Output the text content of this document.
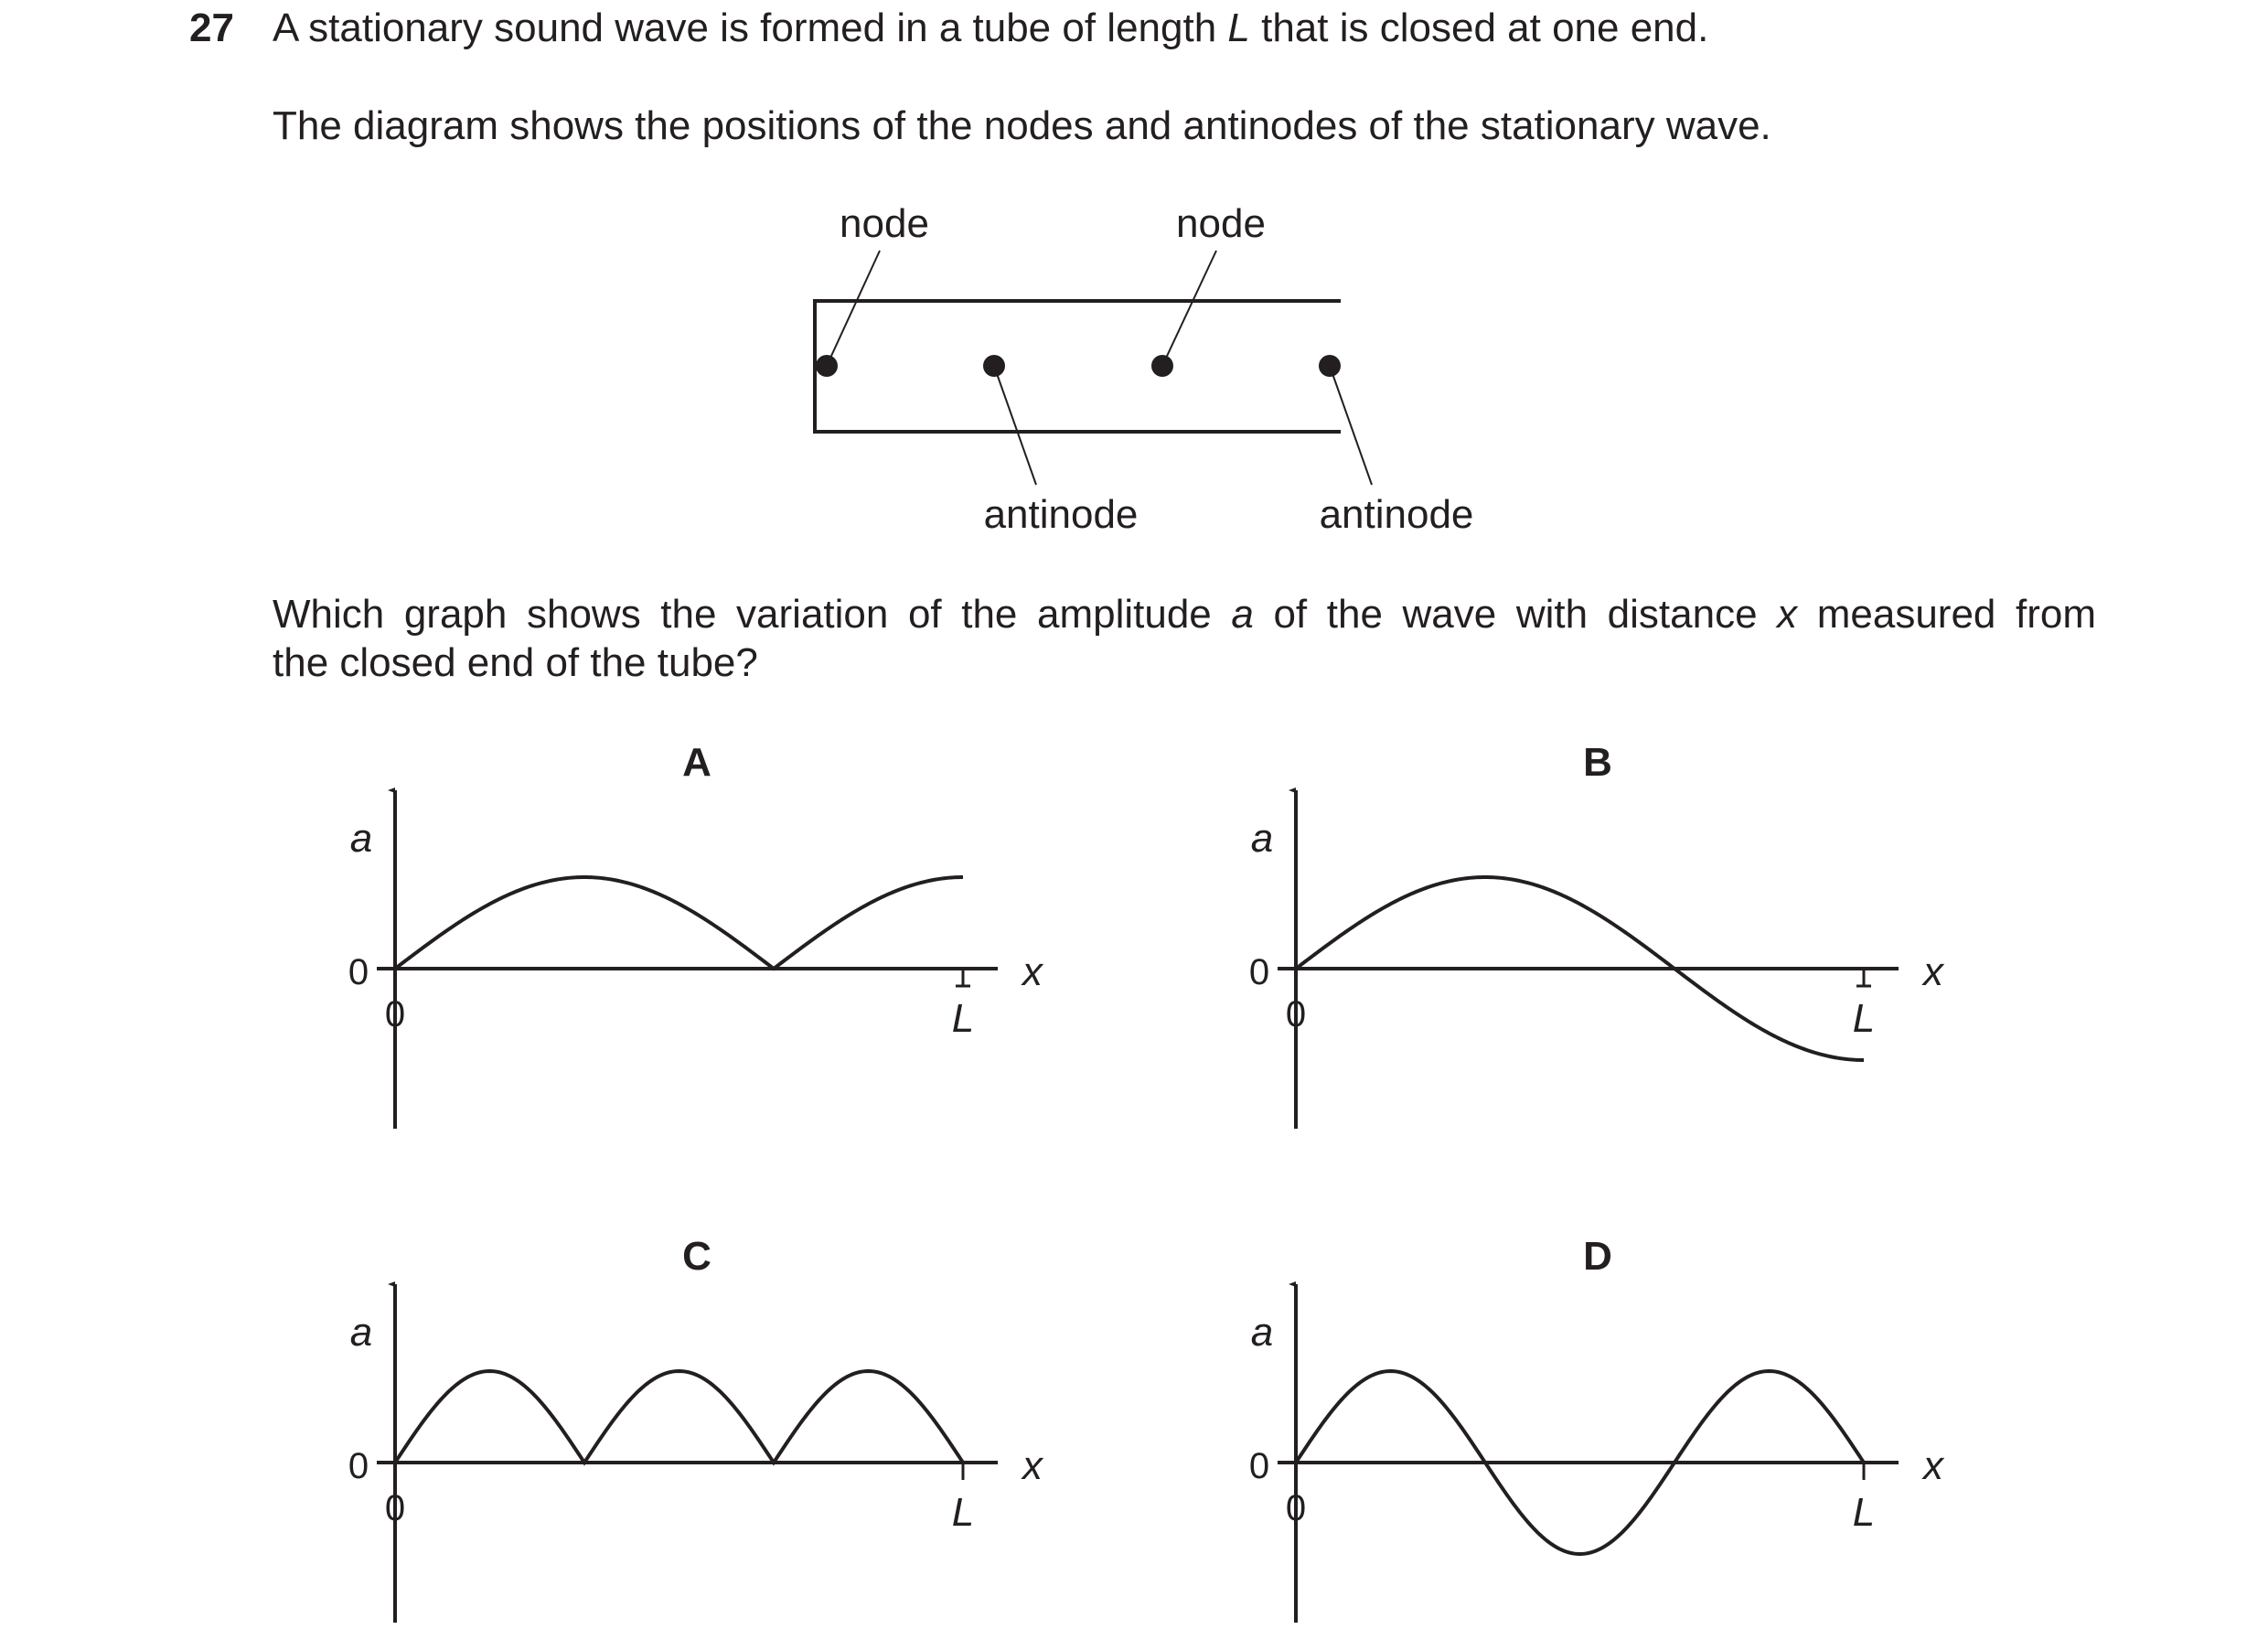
27 A stationary sound wave is formed in a tube of length L that is closed at one end.
The diagram shows the positions of the nodes and antinodes of the stationary wave.
Which graph shows the variation of the amplitude a of the wave with distance x measured from
the closed end of the tube?
node	node
antinode	antinode
A
a
x
0
0	L
B
a
x
0
0	L
C
a
x
0
0	L
D
a
x
0
0	L
